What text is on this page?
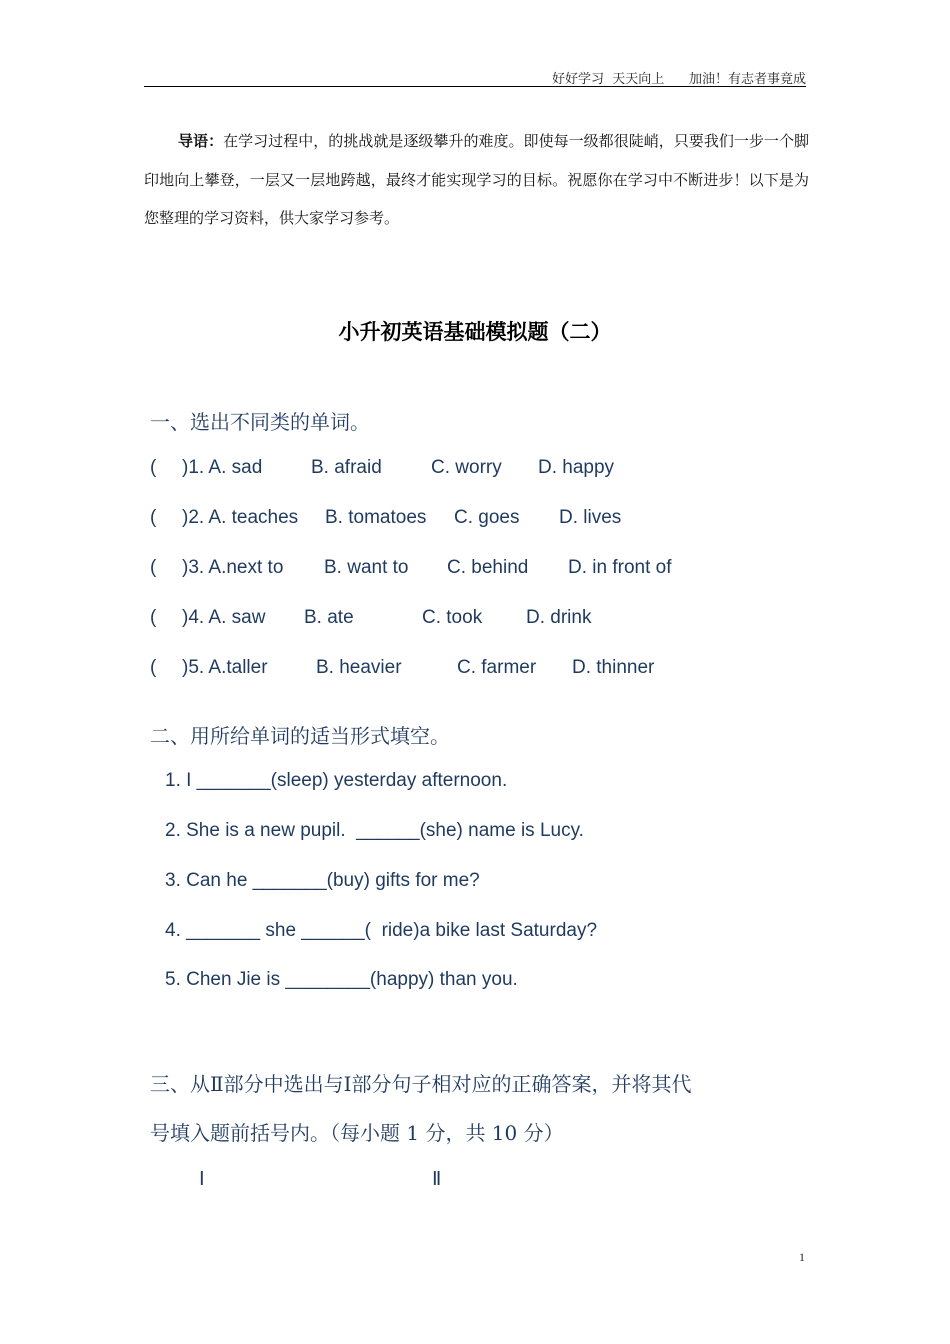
好好学习  天天向上      加油！有志者事竟成
导语：在学习过程中，的挑战就是逐级攀升的难度。即使每一级都很陡峭，只要我们一步一个脚印地向上攀登，一层又一层地跨越，最终才能实现学习的目标。祝愿你在学习中不断进步！以下是为您整理的学习资料，供大家学习参考。
小升初英语基础模拟题（二）
一、选出不同类的单词。
( )1. A. sad	B. afraid	C. worry D. happy
( )2. A. teaches B. tomatoes C. goes D. lives
( )3. A.next to B. want to C. behind D. in front of
( )4. A. saw B. ate	C. took D. drink
( )5. A.taller	B. heavier	C. farmer D. thinner
二、用所给单词的适当形式填空。
1. I _______(sleep) yesterday afternoon.
2. She is a new pupil.  ______(she) name is Lucy.
3. Can he _______(buy) gifts for me?
4. _______ she ______(  ride)a bike last Saturday?
5. Chen Jie is ________(happy) than you.
三、从Ⅱ部分中选出与Ⅰ部分句子相对应的正确答案，并将其代
号填入题前括号内。（每小题 1 分，共 10 分）
Ⅰ	Ⅱ
1
